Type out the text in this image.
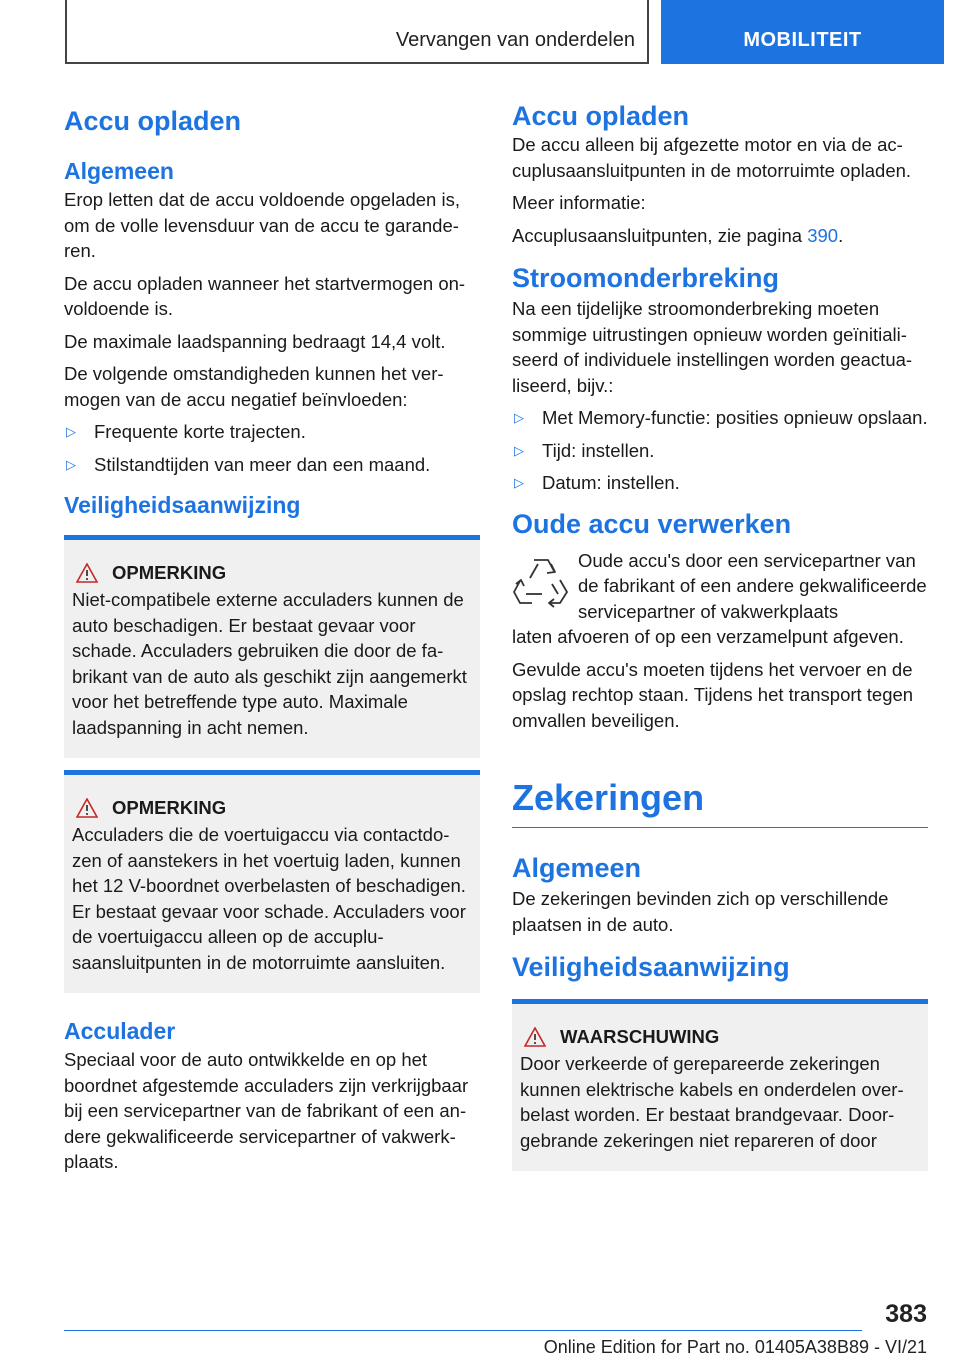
Vervangen van onderdelen	MOBILITEIT
Accu opladen
Algemeen

Erop letten dat de accu voldoende opgeladen is, om de volle levensduur van de accu te garanderen.

De accu opladen wanneer het startvermogen onvoldoende is.

De maximale laadspanning bedraagt 14,4 volt.

De volgende omstandigheden kunnen het vermogen van de accu negatief beïnvloeden:

▷ Frequente korte trajecten.
▷ Stilstandtijden van meer dan een maand.
Veiligheidsaanwijzing
OPMERKING

Niet-compatibele externe acculaders kunnen de auto beschadigen. Er bestaat gevaar voor schade. Acculaders gebruiken die door de fabrikant van de auto als geschikt zijn aangemerkt voor het betreffende type auto. Maximale laadspanning in acht nemen.

OPMERKING

Acculaders die de voertuigaccu via contactdozen of aanstekers in het voertuig laden, kunnen het 12 V-boordnet overbelasten of beschadigen. Er bestaat gevaar voor schade. Acculaders voor de voertuigaccu alleen op de accuplusaansluitpunten in de motorruimte aansluiten.

Acculader

Speciaal voor de auto ontwikkelde en op het boordnet afgestemde acculaders zijn verkrijgbaar bij een servicepartner van de fabrikant of een andere gekwalificeerde servicepartner of vakwerkplaats.

Accu opladen

De accu alleen bij afgezette motor en via de accuplusaansluitpunten in de motorruimte opladen.

Meer informatie:

Accuplusaansluitpunten, zie pagina 390.

Stroomonderbreking

Na een tijdelijke stroomonderbreking moeten sommige uitrustingen opnieuw worden geïnitialiseerd of individuele instellingen worden geactualiseerd, bijv.:

▷ Met Memory-functie: posities opnieuw opslaan.
▷ Tijd: instellen.
▷ Datum: instellen.
Oude accu verwerken

Oude accu's door een servicepartner van de fabrikant of een andere gekwalificeerde servicepartner of vakwerkplaats

laten afvoeren of op een verzamelpunt afgeven.

Gevulde accu's moeten tijdens het vervoer en de opslag rechtop staan. Tijdens het transport tegen omvallen beveiligen.

Zekeringen
Algemeen

De zekeringen bevinden zich op verschillende plaatsen in de auto.

Veiligheidsaanwijzing
WAARSCHUWING

Door verkeerde of gerepareerde zekeringen kunnen elektrische kabels en onderdelen overbelast worden. Er bestaat brandgevaar. Doorgebrande zekeringen niet repareren of door

383
Online Edition for Part no. 01405A38B89 - VI/21
